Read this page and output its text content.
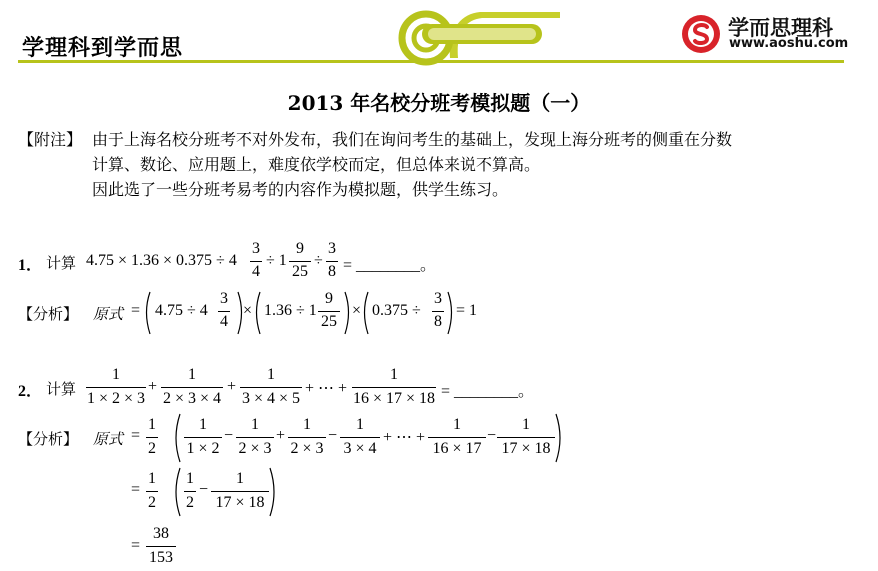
学理科到学而思
学而思理科
www.aoshu.com
2013 年名校分班考模拟题（一）
【附注】 由于上海名校分班考不对外发布，我们在询问考生的基础上，发现上海分班考的侧重在分数
计算、数论、应用题上，难度依学校而定，但总体来说不算高。
因此选了一些分班考易考的内容作为模拟题，供学生练习。
1． 计算 4.75 × 1.36 × 0.375 ÷ 4
3
4
÷ 1
9
25
÷
3
8 = ________。
【分析】 原式 = 4.75 ÷ 4
3
4
× 1.36 ÷ 1
9
25
× 0.375 ÷
3
8
= 1
2． 计算
1
1 × 2 × 3
+
1
2 × 3 × 4
+
1
3 × 4 × 5
+ ⋯ +
1
16 × 17 × 18 = ________。
【分析】 原式 =
1
2
1
1 × 2
−
1
2 × 3
+
1
2 × 3
−
1
3 × 4
+ ⋯ +
1
16 × 17
−
1
17 × 18
=
1
2
1
2
−
1
17 × 18
=
38
153
